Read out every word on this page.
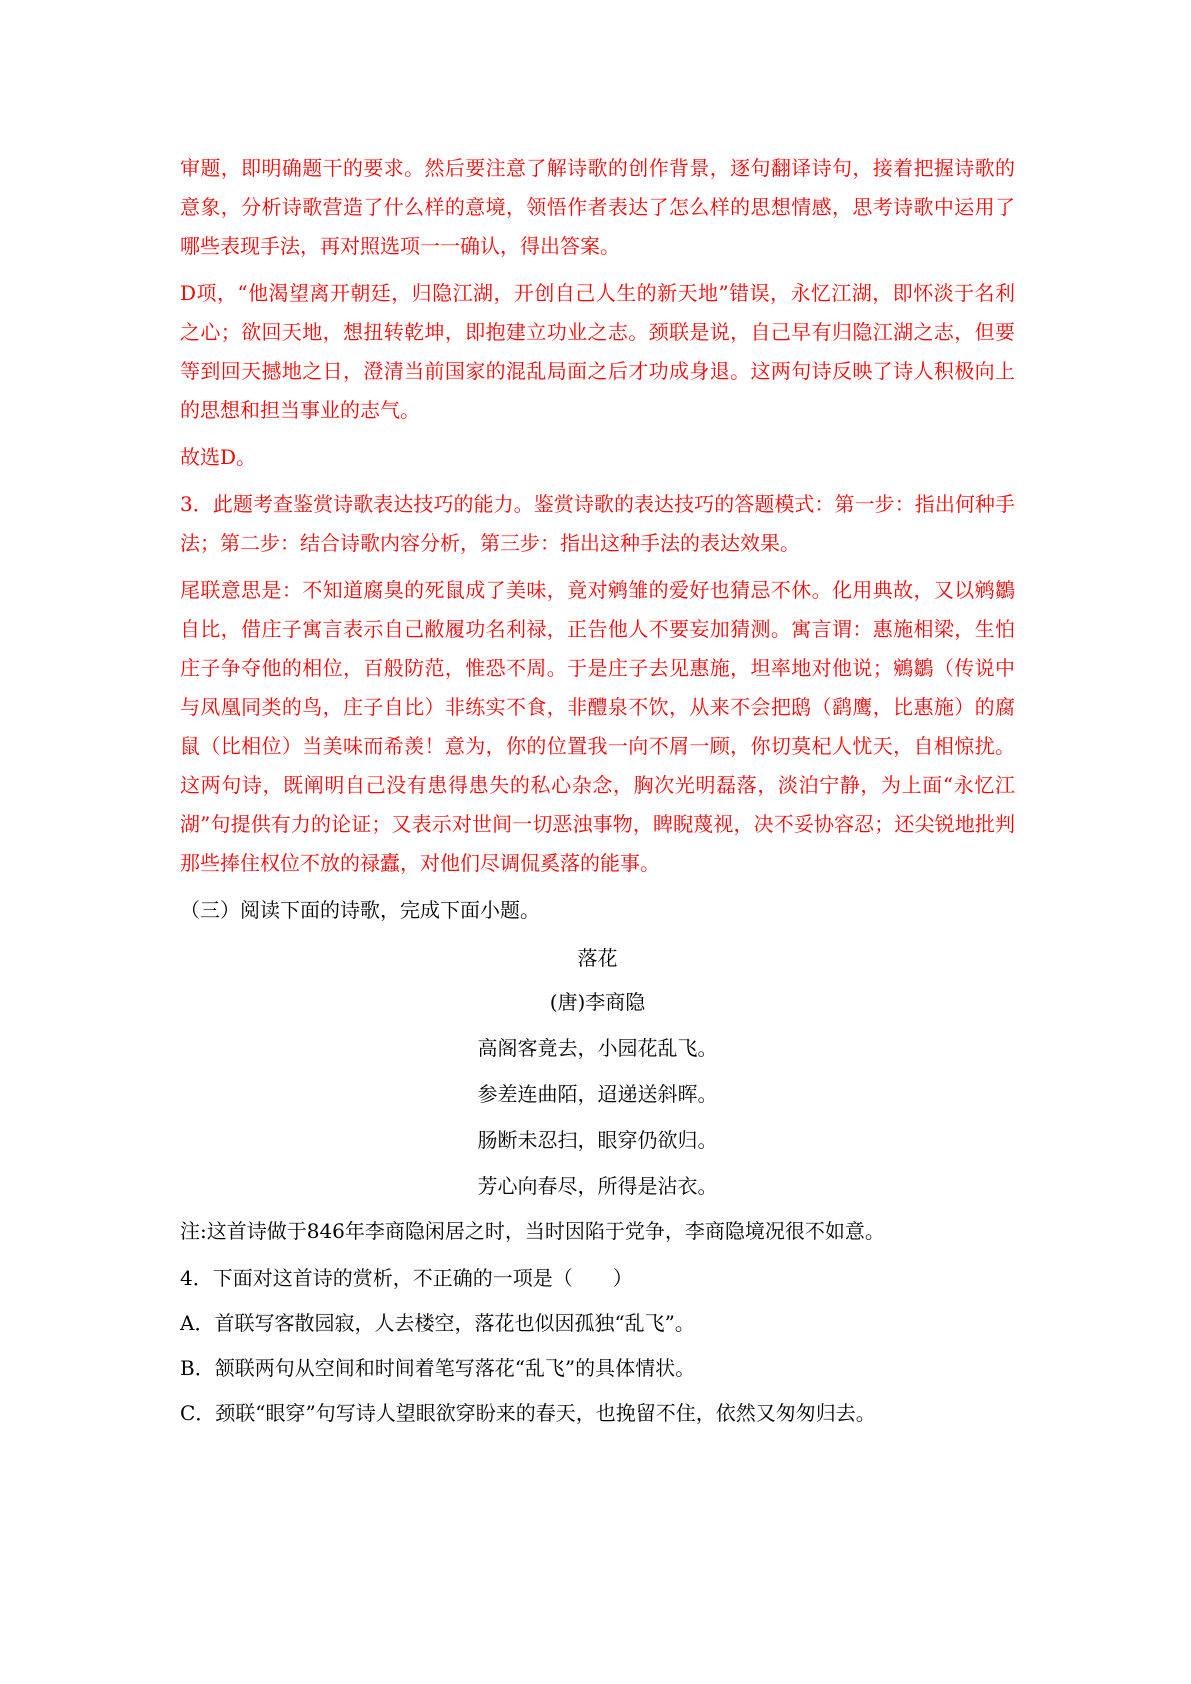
审题，即明确题干的要求。然后要注意了解诗歌的创作背景，逐句翻译诗句，接着把握诗歌的意象，分析诗歌营造了什么样的意境，领悟作者表达了怎么样的思想情感，思考诗歌中运用了哪些表现手法，再对照选项一一确认，得出答案。

D项，“他渴望离开朝廷，归隐江湖，开创自己人生的新天地”错误，永忆江湖，即怀淡于名利之心；欲回天地，想扭转乾坤，即抱建立功业之志。颈联是说，自己早有归隐江湖之志，但要等到回天撼地之日，澄清当前国家的混乱局面之后才功成身退。这两句诗反映了诗人积极向上的思想和担当事业的志气。

故选D。

3．此题考查鉴赏诗歌表达技巧的能力。鉴赏诗歌的表达技巧的答题模式：第一步：指出何种手法；第二步：结合诗歌内容分析，第三步：指出这种手法的表达效果。

尾联意思是：不知道腐臭的死鼠成了美味，竟对鹓雏的爱好也猜忌不休。化用典故，又以鹓鶵自比，借庄子寓言表示自己敝履功名利禄，正告他人不要妄加猜测。寓言谓：惠施相梁，生怕庄子争夺他的相位，百般防范，惟恐不周。于是庄子去见惠施，坦率地对他说；鵷鶵（传说中与凤凰同类的鸟，庄子自比）非练实不食，非醴泉不饮，从来不会把鸱（鹞鹰，比惠施）的腐鼠（比相位）当美味而希羡！意为，你的位置我一向不屑一顾，你切莫杞人忧天，自相惊扰。这两句诗，既阐明自己没有患得患失的私心杂念，胸次光明磊落，淡泊宁静，为上面“永忆江湖”句提供有力的论证；又表示对世间一切恶浊事物，睥睨蔑视，决不妥协容忍；还尖锐地批判那些捧住权位不放的禄蠹，对他们尽调侃奚落的能事。

（三）阅读下面的诗歌，完成下面小题。

落花

(唐)李商隐

高阁客竟去，小园花乱飞。

参差连曲陌，迢递送斜晖。

肠断未忍扫，眼穿仍欲归。

芳心向春尽，所得是沾衣。

注:这首诗做于846年李商隐闲居之时，当时因陷于党争，李商隐境况很不如意。

4．下面对这首诗的赏析，不正确的一项是（　　）

A．首联写客散园寂，人去楼空，落花也似因孤独“乱飞”。

B．颔联两句从空间和时间着笔写落花“乱飞”的具体情状。

C．颈联“眼穿”句写诗人望眼欲穿盼来的春天，也挽留不住，依然又匆匆归去。
